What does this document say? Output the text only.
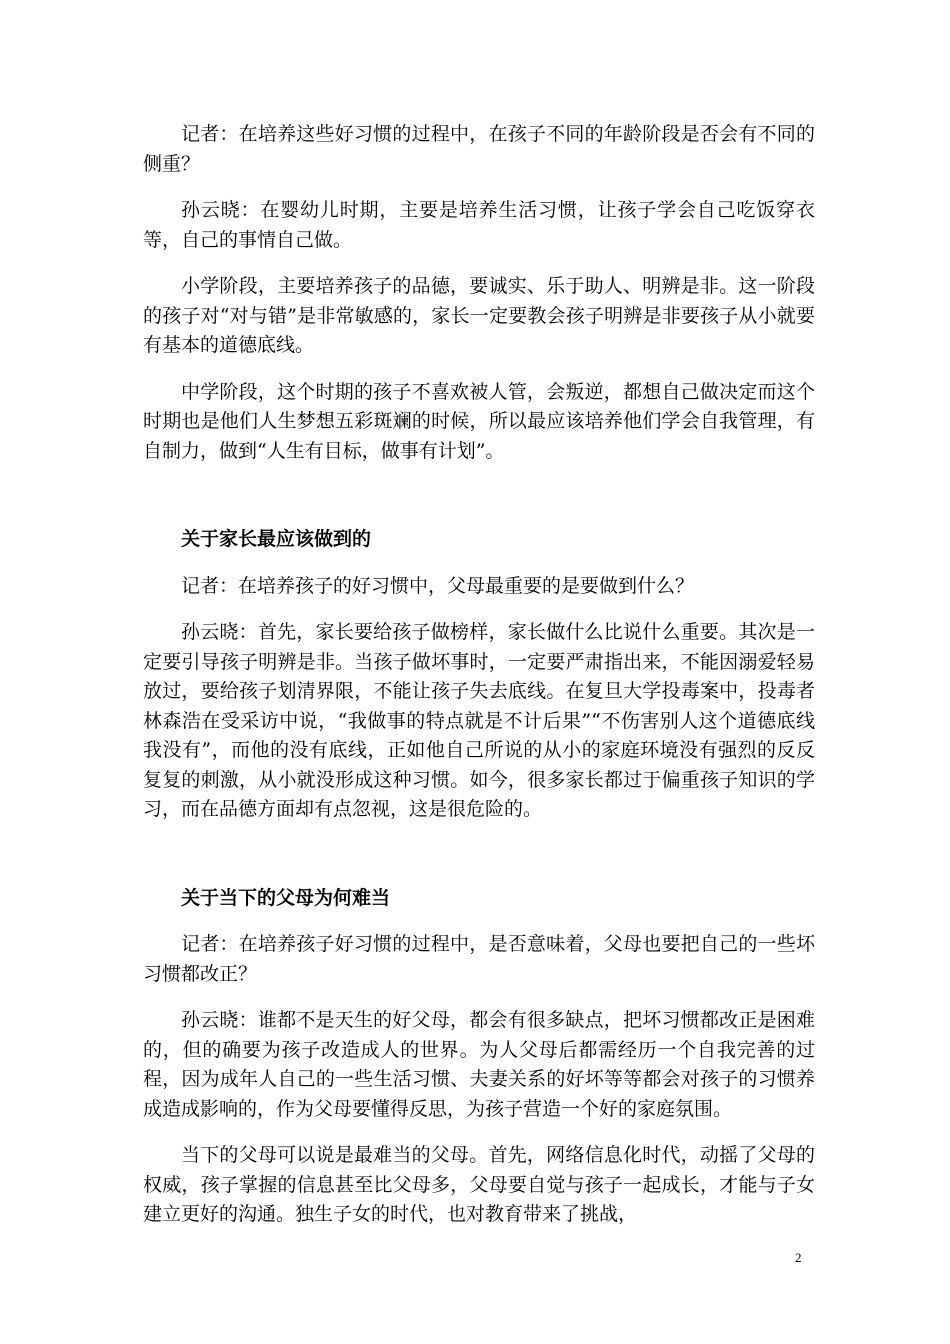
记者：在培养这些好习惯的过程中，在孩子不同的年龄阶段是否会有不同的侧重？

孙云晓：在婴幼儿时期，主要是培养生活习惯，让孩子学会自己吃饭穿衣等，自己的事情自己做。

小学阶段，主要培养孩子的品德，要诚实、乐于助人、明辨是非。这一阶段的孩子对“对与错”是非常敏感的，家长一定要教会孩子明辨是非要孩子从小就要有基本的道德底线。

中学阶段，这个时期的孩子不喜欢被人管，会叛逆，都想自己做决定而这个时期也是他们人生梦想五彩斑斓的时候，所以最应该培养他们学会自我管理，有自制力，做到“人生有目标，做事有计划”。

关于家长最应该做到的

记者：在培养孩子的好习惯中，父母最重要的是要做到什么？

孙云晓：首先，家长要给孩子做榜样，家长做什么比说什么重要。其次是一定要引导孩子明辨是非。当孩子做坏事时，一定要严肃指出来，不能因溺爱轻易放过，要给孩子划清界限，不能让孩子失去底线。在复旦大学投毒案中，投毒者林森浩在受采访中说，“我做事的特点就是不计后果”“不伤害别人这个道德底线我没有”，而他的没有底线，正如他自己所说的从小的家庭环境没有强烈的反反复复的刺激，从小就没形成这种习惯。如今，很多家长都过于偏重孩子知识的学习，而在品德方面却有点忽视，这是很危险的。

关于当下的父母为何难当

记者：在培养孩子好习惯的过程中，是否意味着，父母也要把自己的一些坏习惯都改正？

孙云晓：谁都不是天生的好父母，都会有很多缺点，把坏习惯都改正是困难的，但的确要为孩子改造成人的世界。为人父母后都需经历一个自我完善的过程，因为成年人自己的一些生活习惯、夫妻关系的好坏等等都会对孩子的习惯养成造成影响的，作为父母要懂得反思，为孩子营造一个好的家庭氛围。

当下的父母可以说是最难当的父母。首先，网络信息化时代，动摇了父母的权威，孩子掌握的信息甚至比父母多，父母要自觉与孩子一起成长，才能与子女建立更好的沟通。独生子女的时代，也对教育带来了挑战，

2
